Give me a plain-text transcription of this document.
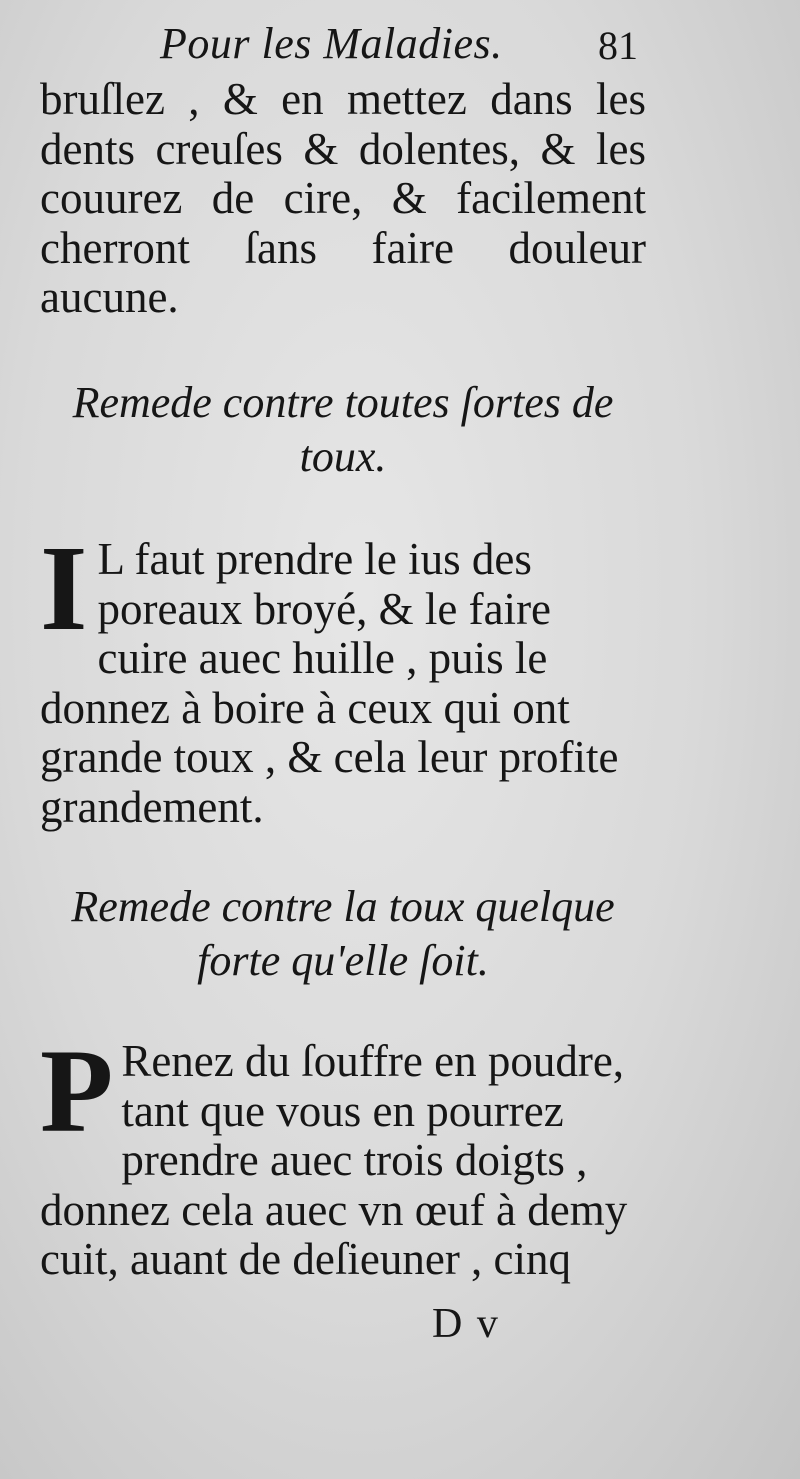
Pour les Maladies. 81
bruſlez , & en mettez dans les dents creuſes & dolentes, & les couurez de cire, & facilement cherront ſans faire douleur aucune.
Remede contre toutes ſortes de toux.
I L faut prendre le ius des poreaux broyé, & le faire cuire auec huille , puis le donnez à boire à ceux qui ont grande toux , & cela leur profite grandement.
Remede contre la toux quelque forte qu'elle ſoit.
P Renez du ſouffre en poudre, tant que vous en pourrez prendre auec trois doigts , donnez cela auec vn œuf à demy cuit, auant de deſieuner , cinq
D v
